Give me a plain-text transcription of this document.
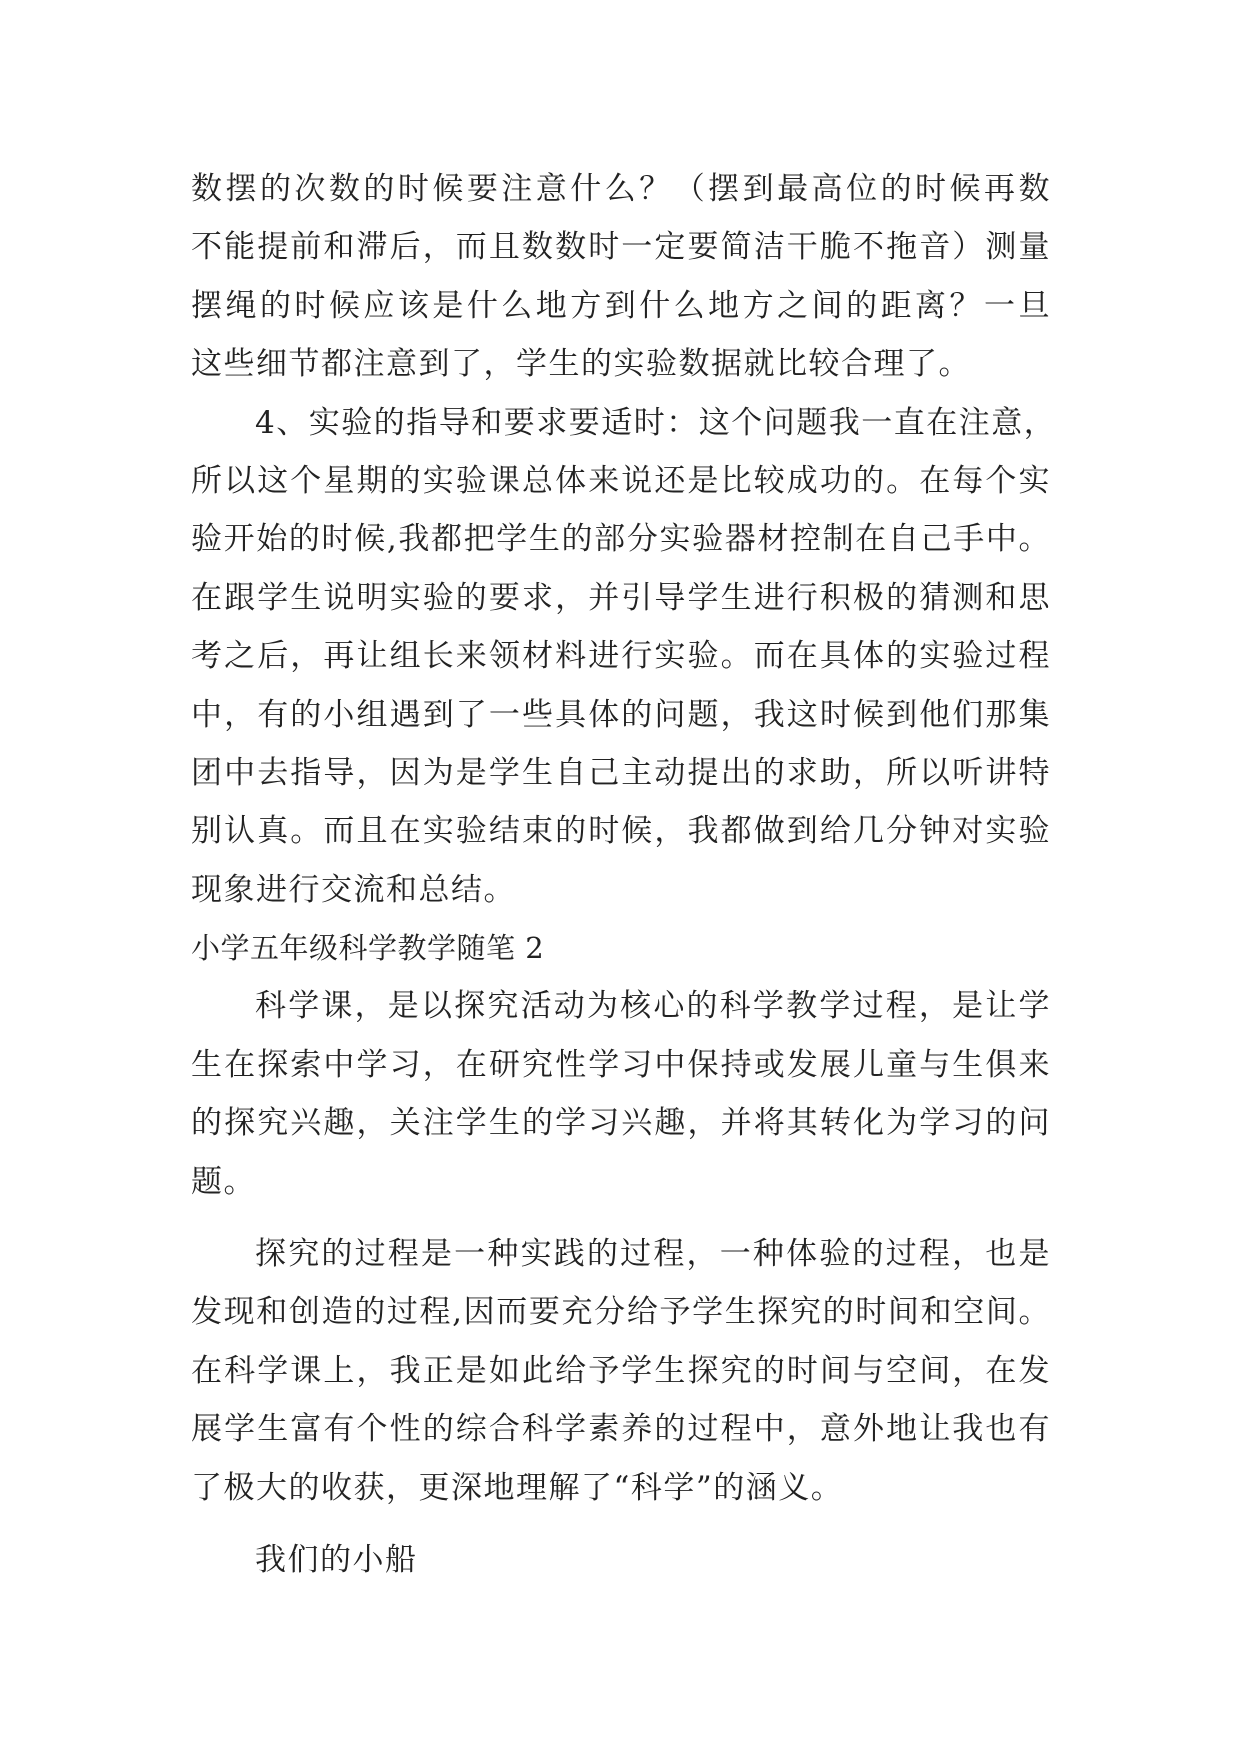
数摆的次数的时候要注意什么？（摆到最高位的时候再数
不能提前和滞后，而且数数时一定要简洁干脆不拖音）测量
摆绳的时候应该是什么地方到什么地方之间的距离？一旦
这些细节都注意到了，学生的实验数据就比较合理了。
4、实验的指导和要求要适时：这个问题我一直在注意，
所以这个星期的实验课总体来说还是比较成功的。在每个实
验开始的时候,我都把学生的部分实验器材控制在自己手中。
在跟学生说明实验的要求，并引导学生进行积极的猜测和思
考之后，再让组长来领材料进行实验。而在具体的实验过程
中，有的小组遇到了一些具体的问题，我这时候到他们那集
团中去指导，因为是学生自己主动提出的求助，所以听讲特
别认真。而且在实验结束的时候，我都做到给几分钟对实验
现象进行交流和总结。
小学五年级科学教学随笔 2
科学课，是以探究活动为核心的科学教学过程，是让学
生在探索中学习，在研究性学习中保持或发展儿童与生俱来
的探究兴趣，关注学生的学习兴趣，并将其转化为学习的问
题。
探究的过程是一种实践的过程，一种体验的过程，也是
发现和创造的过程,因而要充分给予学生探究的时间和空间。
在科学课上，我正是如此给予学生探究的时间与空间，在发
展学生富有个性的综合科学素养的过程中，意外地让我也有
了极大的收获，更深地理解了“科学”的涵义。
我们的小船
